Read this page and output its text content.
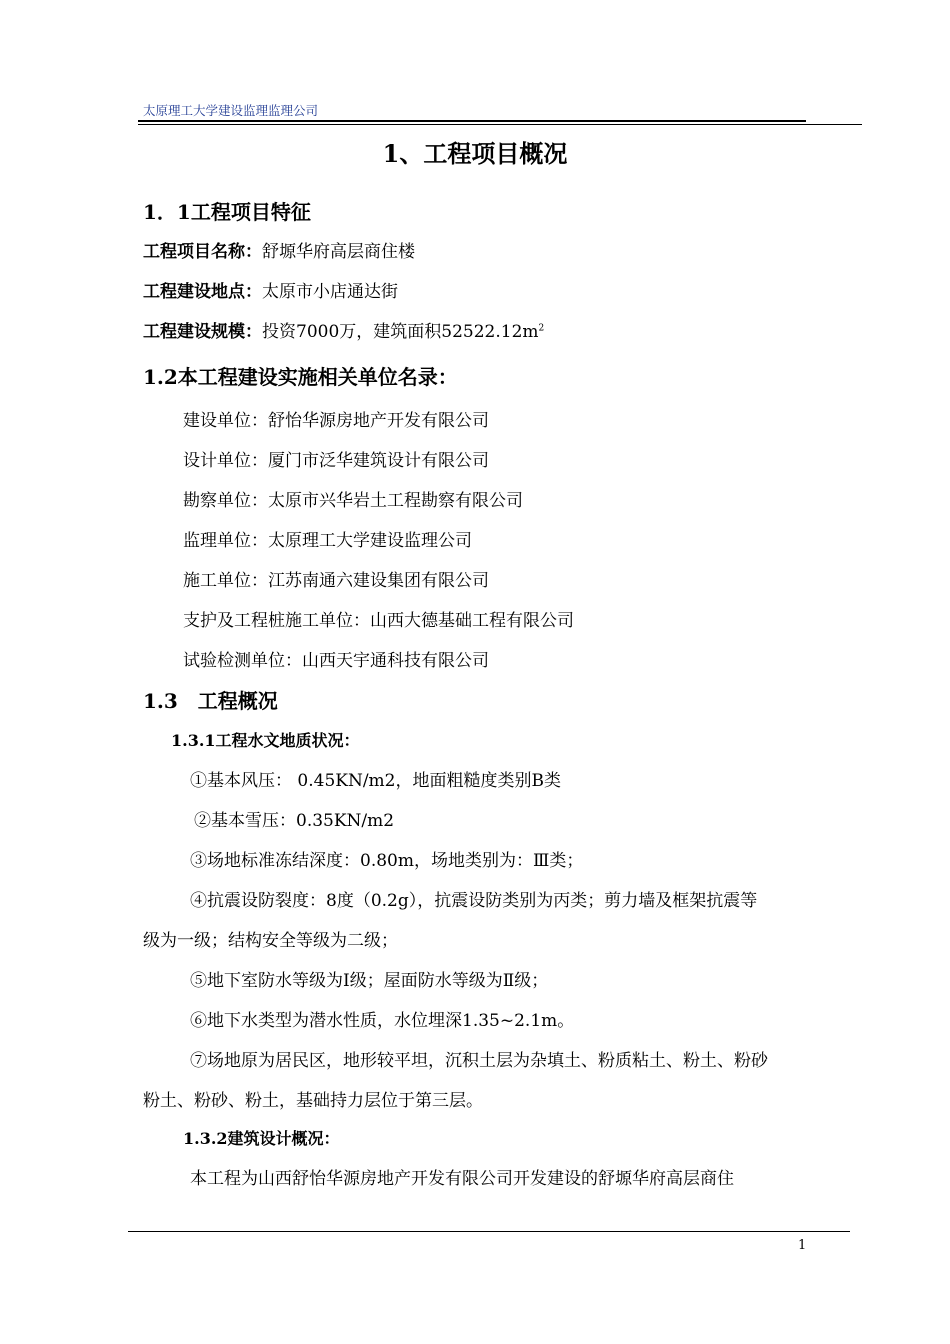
太原理工大学建设监理监理公司
1、工程项目概况
1．1工程项目特征
工程项目名称：舒塬华府高层商住楼
工程建设地点：太原市小店通达街
工程建设规模：投资7000万，建筑面积$52522.12m^2$
1.2本工程建设实施相关单位名录：
建设单位：舒怡华源房地产开发有限公司
设计单位：厦门市泛华建筑设计有限公司
勘察单位：太原市兴华岩土工程勘察有限公司
监理单位：太原理工大学建设监理公司
施工单位：江苏南通六建设集团有限公司
支护及工程桩施工单位：山西大德基础工程有限公司
试验检测单位：山西天宇通科技有限公司
1.3　工程概况
1.3.1工程水文地质状况：
①基本风压： 0.45KN/m2，地面粗糙度类别B类
②基本雪压：0.35KN/m2
③场地标准冻结深度：0.80m，场地类别为：Ⅲ类；
④抗震设防裂度：8度（0.2g），抗震设防类别为丙类；剪力墙及框架抗震等
级为一级；结构安全等级为二级；
⑤地下室防水等级为Ⅰ级；屋面防水等级为Ⅱ级；
⑥地下水类型为潜水性质，水位埋深1.35~2.1m。
⑦场地原为居民区，地形较平坦，沉积土层为杂填土、粉质粘土、粉土、粉砂
粉土、粉砂、粉土，基础持力层位于第三层。
1.3.2建筑设计概况：
本工程为山西舒怡华源房地产开发有限公司开发建设的舒塬华府高层商住
1
